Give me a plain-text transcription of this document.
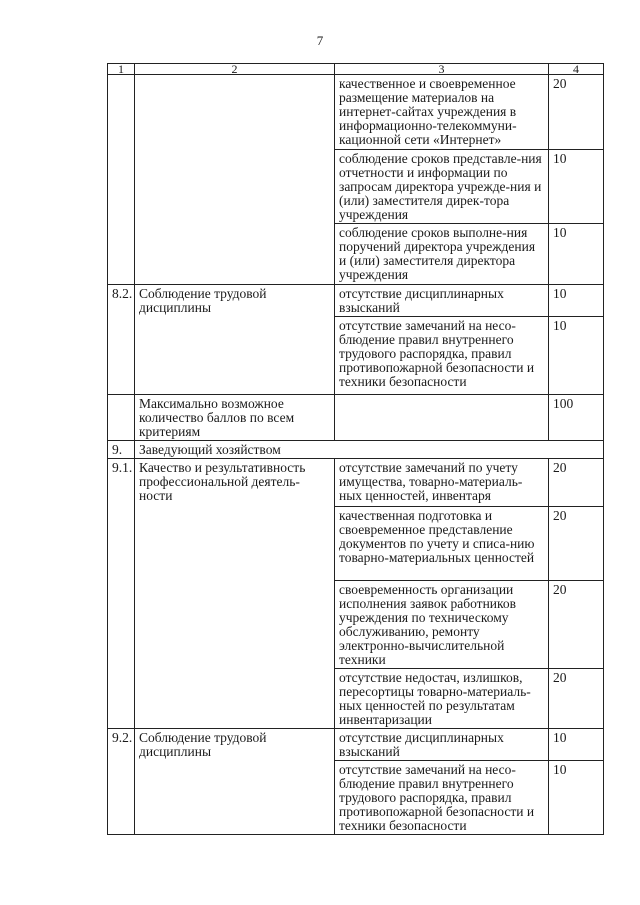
7
1	2	3	4
		качественное и своевременное размещение материалов на интернет-сайтах учреждения в информационно-телекоммуни-кационной сети «Интернет»	20
		соблюдение сроков представле-ния отчетности и информации по запросам директора учрежде-ния и (или) заместителя дирек-тора учреждения	10
		соблюдение сроков выполне-ния поручений директора учреждения и (или) заместителя директора учреждения	10
8.2.	Соблюдение трудовой дисциплины	отсутствие дисциплинарных взысканий	10
		отсутствие замечаний на несо-блюдение правил внутреннего трудового распорядка, правил противопожарной безопасности и техники безопасности	10
	Максимально возможное количество баллов по всем критериям		100
9.	Заведующий хозяйством		
9.1.	Качество и результативность профессиональной деятель-ности	отсутствие замечаний по учету имущества, товарно-материаль-ных ценностей, инвентаря	20
		качественная подготовка и своевременное представление документов по учету и списа-нию товарно-материальных ценностей	20
		своевременность организации исполнения заявок работников учреждения по техническому обслуживанию, ремонту электронно-вычислительной техники	20
		отсутствие недостач, излишков, пересортицы товарно-материаль-ных ценностей по результатам инвентаризации	20
9.2.	Соблюдение трудовой дисциплины	отсутствие дисциплинарных взысканий	10
		отсутствие замечаний на несо-блюдение правил внутреннего трудового распорядка, правил противопожарной безопасности и техники безопасности	10
